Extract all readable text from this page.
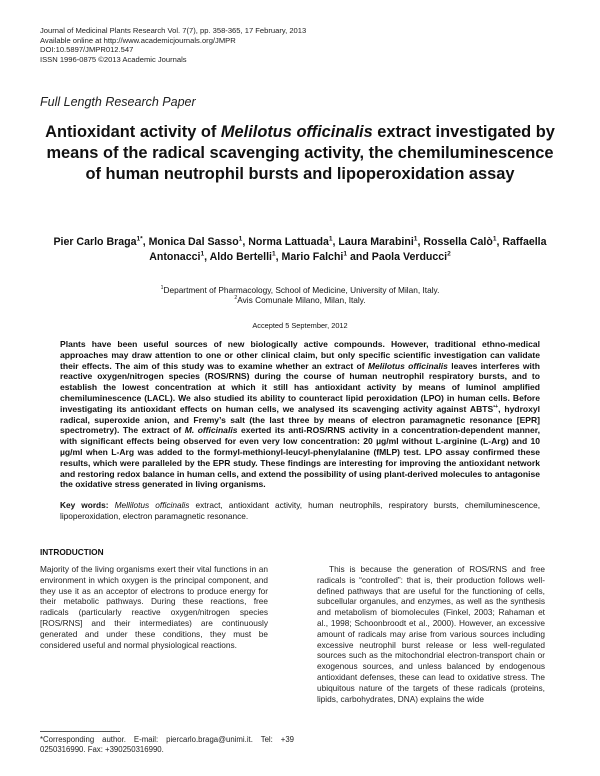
Journal of Medicinal Plants Research Vol. 7(7), pp. 358-365, 17 February, 2013
Available online at http://www.academicjournals.org/JMPR
DOI:10.5897/JMPR012.547
ISSN 1996-0875 ©2013 Academic Journals
Full Length Research Paper
Antioxidant activity of Melilotus officinalis extract investigated by means of the radical scavenging activity, the chemiluminescence of human neutrophil bursts and lipoperoxidation assay
Pier Carlo Braga$^{1*}$, Monica Dal Sasso$^1$, Norma Lattuada$^1$, Laura Marabini$^1$, Rossella Calò$^1$, Raffaella Antonacci$^1$, Aldo Bertelli$^1$, Mario Falchi$^1$ and Paola Verducci$^2$
$^1$Department of Pharmacology, School of Medicine, University of Milan, Italy.
$^2$Avis Comunale Milano, Milan, Italy.
Accepted 5 September, 2012
Plants have been useful sources of new biologically active compounds. However, traditional ethno-medical approaches may draw attention to one or other clinical claim, but only specific scientific investigation can validate their effects. The aim of this study was to examine whether an extract of Melilotus officinalis leaves interferes with reactive oxygen/nitrogen species (ROS/RNS) during the course of human neutrophil respiratory bursts, and to establish the lowest concentration at which it still has antioxidant activity by means of luminol amplified chemiluminescence (LACL). We also studied its ability to counteract lipid peroxidation (LPO) in human cells. Before investigating its antioxidant effects on human cells, we analysed its scavenging activity against ABTS•+, hydroxyl radical, superoxide anion, and Fremy’s salt (the last three by means of electron paramagnetic resonance [EPR] spectrometry). The extract of M. officinalis exerted its anti-ROS/RNS activity in a concentration-dependent manner, with significant effects being observed for even very low concentration: 20 µg/ml without L-arginine (L-Arg) and 10 µg/ml when L-Arg was added to the formyl-methionyl-leucyl-phenylalanine (fMLP) test. LPO assay confirmed these results, which were paralleled by the EPR study. These findings are interesting for improving the antioxidant network and restoring redox balance in human cells, and extend the possibility of using plant-derived molecules to antagonise the oxidative stress generated in living organisms.
Key words: Mellilotus officinalis extract, antioxidant activity, human neutrophils, respiratory bursts, chemiluminescence, lipoperoxidation, electron paramagnetic resonance.
INTRODUCTION
Majority of the living organisms exert their vital functions in an environment in which oxygen is the principal component, and they use it as an acceptor of electrons to produce energy for their metabolic pathways. During these reactions, free radicals (particularly reactive oxygen/nitrogen species [ROS/RNS] and their intermediates) are continuously generated and under these conditions, they must be considered useful and normal physiological reactions.
This is because the generation of ROS/RNS and free radicals is “controlled”: that is, their production follows well-defined pathways that are useful for the functioning of cells, subcellular organules, and enzymes, as well as the synthesis and metabolism of biomolecules (Finkel, 2003; Rahaman et al., 1998; Schoonbroodt et al., 2000). However, an excessive amount of radicals may arise from various sources including excessive neutrophil burst release or less well-regulated sources such as the mitochondrial electron-transport chain or exogenous sources, and unless balanced by endogenous antioxidant defenses, these can lead to oxidative stress. The ubiquitous nature of the targets of these radicals (proteins, lipids, carbohydrates, DNA) explains the wide
*Corresponding author. E-mail: piercarlo.braga@unimi.it. Tel: +39 0250316990. Fax: +390250316990.
